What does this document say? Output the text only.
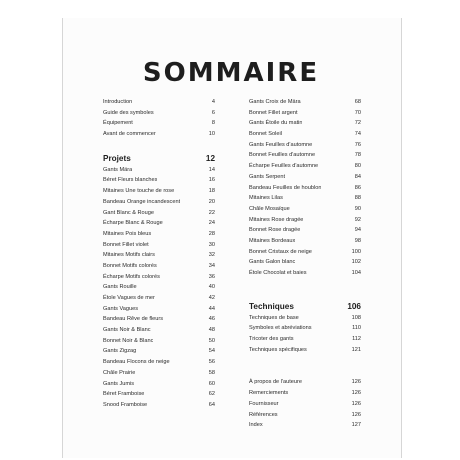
SOMMAIRE
Introduction	4
Guide des symboles	6
Équipement	8
Avant de commencer	10
Projets	12
Gants Mära	14
Béret Fleurs blanches	16
Mitaines Une touche de rose	18
Bandeau Orange incandescent	20
Gant Blanc & Rouge	22
Écharpe Blanc & Rouge	24
Mitaines Pois bleus	28
Bonnet Fillet violet	30
Mitaines Motifs clairs	32
Bonnet Motifs colorés	34
Écharpe Motifs colorés	36
Gants Rouille	40
Étole Vagues de mer	42
Gants Vagues	44
Bandeau Rêve de fleurs	46
Gants Noir & Blanc	48
Bonnet Noir & Blanc	50
Gants Zigzag	54
Bandeau Flocons de neige	56
Châle Prairie	58
Gants Jumis	60
Béret Framboise	62
Snood Framboise	64
Gants Croix de Mära	68
Bonnet Fillet argent	70
Gants Étoile du matin	72
Bonnet Soleil	74
Gants Feuilles d'automne	76
Bonnet Feuilles d'automne	78
Écharpe Feuilles d'automne	80
Gants Serpent	84
Bandeau Feuilles de houblon	86
Mitaines Lilas	88
Châle Mosaïque	90
Mitaines Rose dragée	92
Bonnet Rose dragée	94
Mitaines Bordeaux	98
Bonnet Cristaux de neige	100
Gants Galon blanc	102
Étole Chocolat et baies	104
Techniques	106
Techniques de base	108
Symboles et abréviations	110
Tricoter des gants	112
Techniques spécifiques	121
À propos de l'auteure	126
Remerciements	126
Fournisseur	126
Références	126
Index	127
